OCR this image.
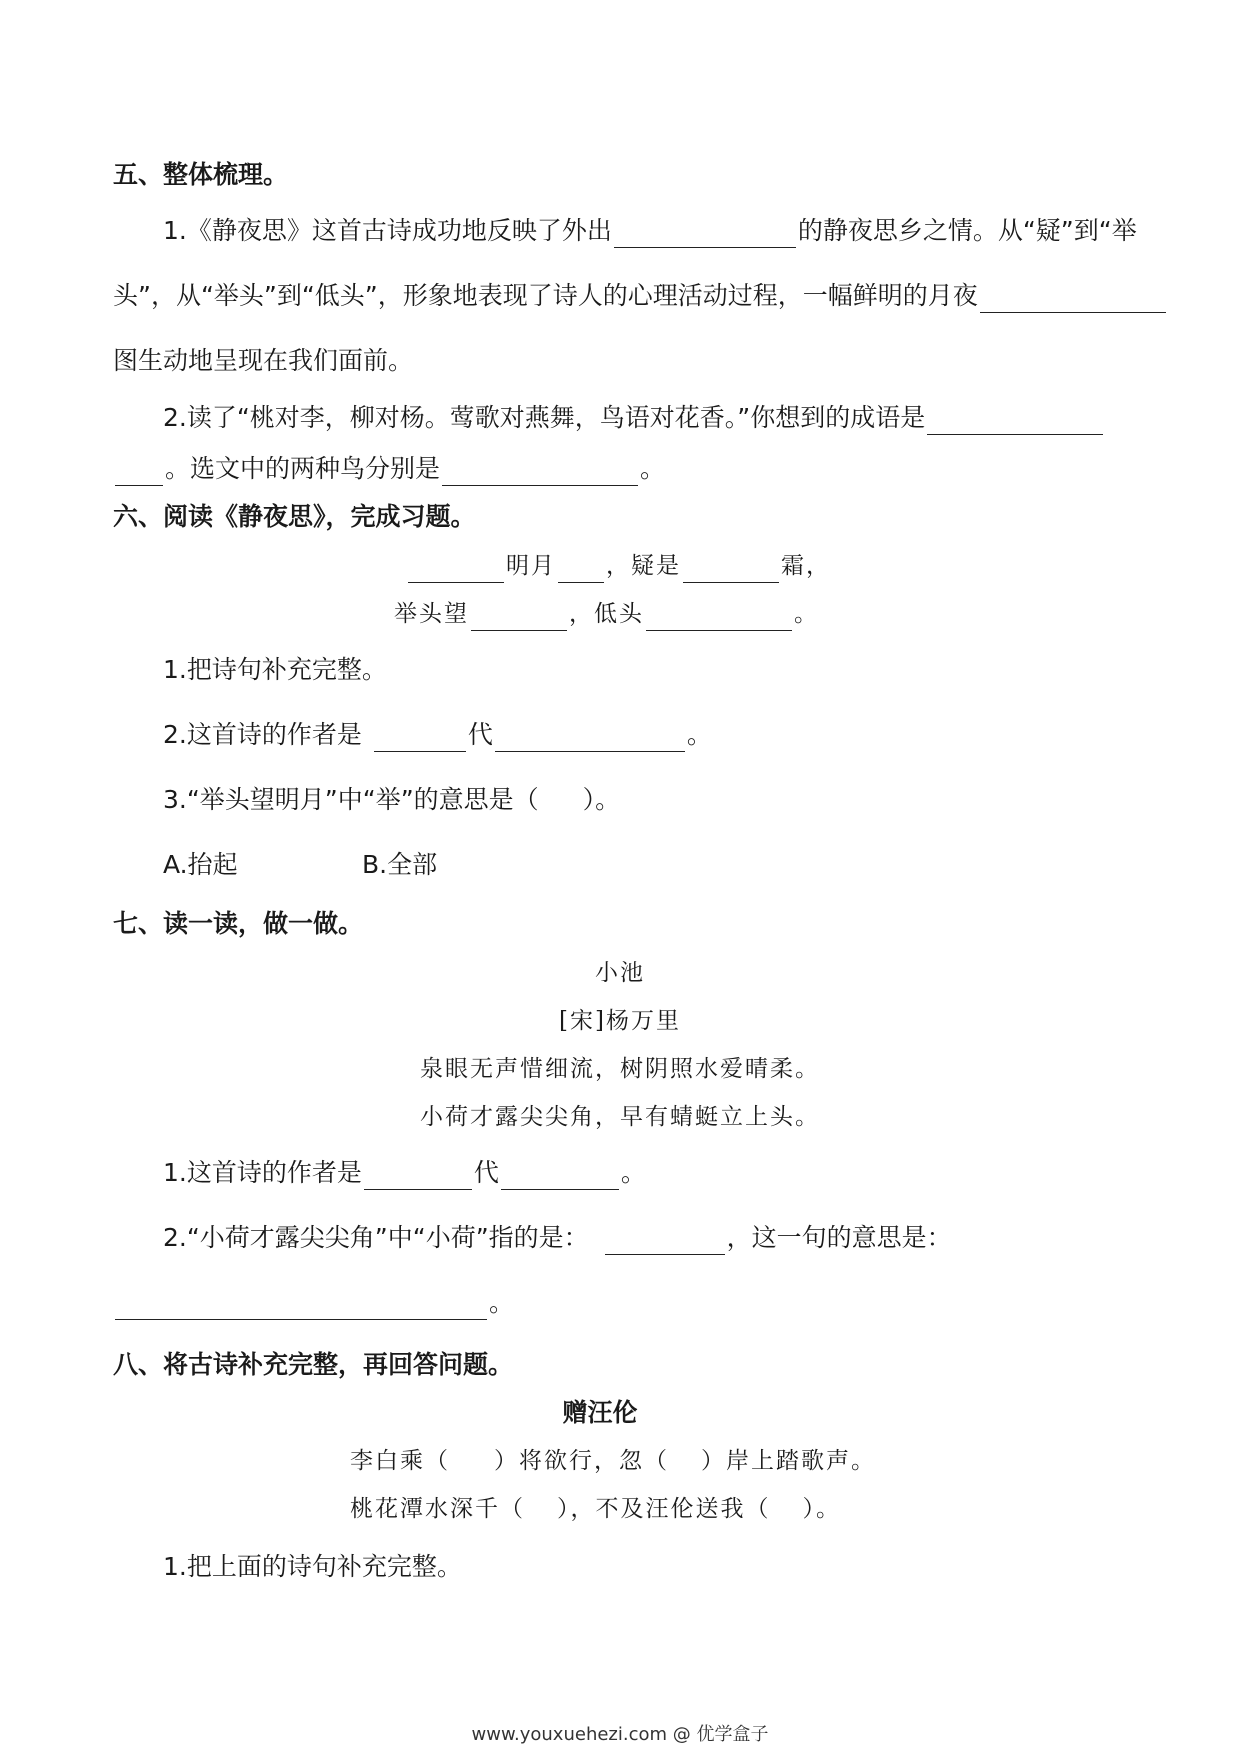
五、整体梳理。
1.《静夜思》这首古诗成功地反映了外出	的静夜思乡之情。从“疑”到“举
头”，从“举头”到“低头”，形象地表现了诗人的心理活动过程，一幅鲜明的月夜
图生动地呈现在我们面前。
2.读了“桃对李，柳对杨。莺歌对燕舞，鸟语对花香。”你想到的成语是
。选文中的两种鸟分别是	。
六、阅读《静夜思》，完成习题。
明月 ，疑是	霜，
举头望	，低头	。
1.把诗句补充完整。
2.这首诗的作者是	代	。
3.“举头望明月”中“举”的意思是（ ）。
A.抬起	B.全部
七、读一读，做一做。
小池
[宋]杨万里
泉眼无声惜细流，树阴照水爱晴柔。
小荷才露尖尖角，早有蜻蜓立上头。
1.这首诗的作者是	代	。
2.“小荷才露尖尖角”中“小荷”指的是：	，这一句的意思是：
。
八、将古诗补充完整，再回答问题。
赠汪伦
李白乘（ ）将欲行，忽（ ）岸上踏歌声。
桃花潭水深千（ ），不及汪伦送我（ ）。
1.把上面的诗句补充完整。
www.youxuehezi.com @ 优学盒子
